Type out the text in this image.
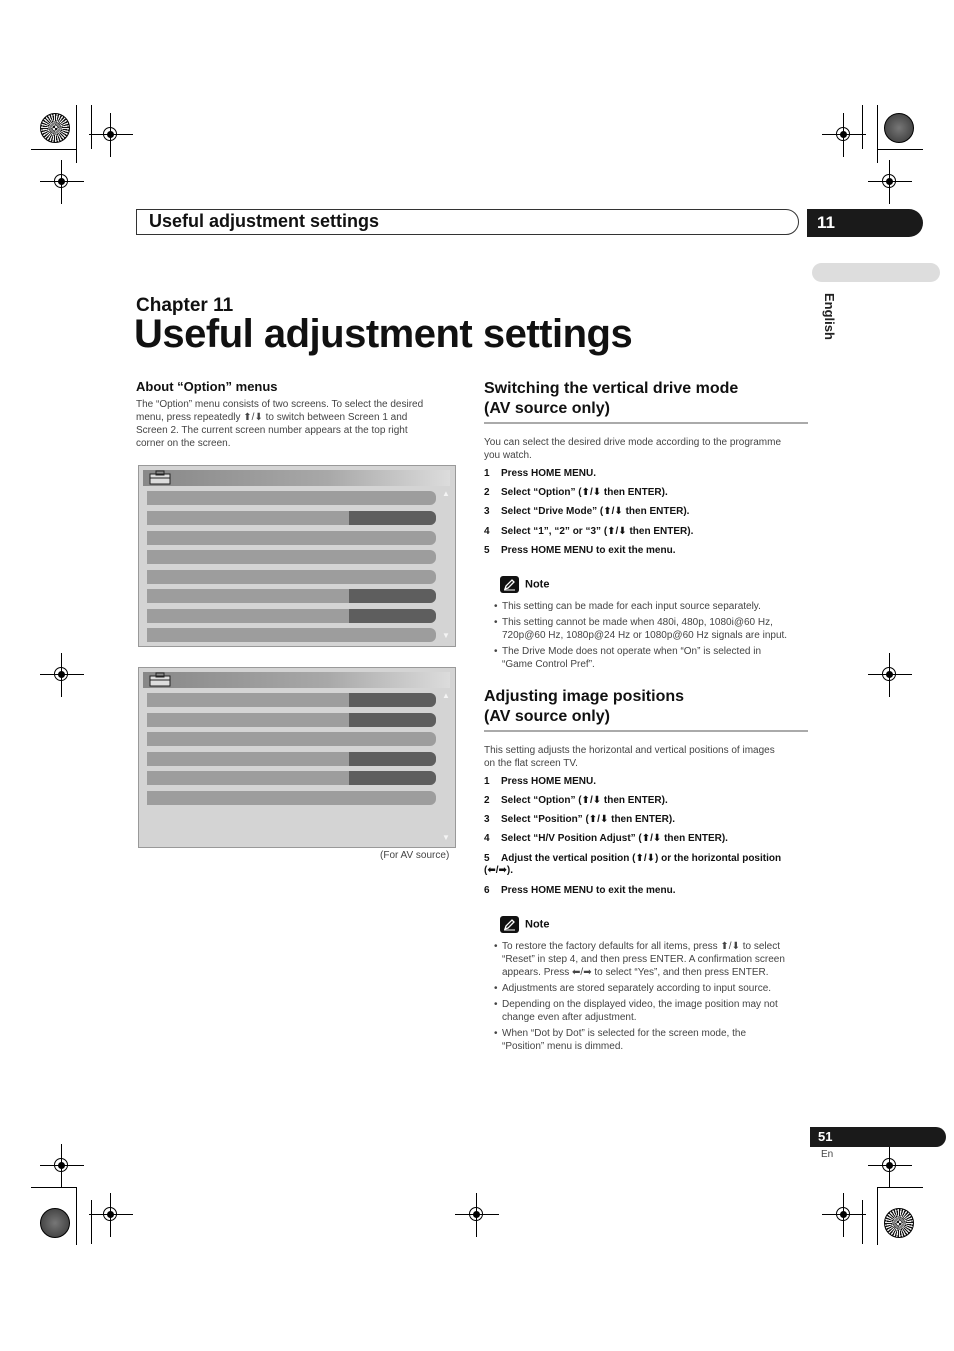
Useful adjustment settings	11
English
Chapter 11
Useful adjustment settings
About “Option” menus
The “Option” menu consists of two screens. To select the desired
menu, press repeatedly ⬆/⬇ to switch between Screen 1 and
Screen 2. The current screen number appears at the top right
corner on the screen.
▲
▼
▲
▼
(For AV source)
Switching the vertical drive mode
(AV source only)
You can select the desired drive mode according to the programme
you watch.
1 Press HOME MENU.
2 Select “Option” (⬆/⬇ then ENTER).
3 Select “Drive Mode” (⬆/⬇ then ENTER).
4 Select “1”, “2” or “3” (⬆/⬇ then ENTER).
5 Press HOME MENU to exit the menu.
Note
• This setting can be made for each input source separately.
• This setting cannot be made when 480i, 480p, 1080i@60 Hz,
720p@60 Hz, 1080p@24 Hz or 1080p@60 Hz signals are input.
• The Drive Mode does not operate when “On” is selected in
“Game Control Pref”.
Adjusting image positions
(AV source only)
This setting adjusts the horizontal and vertical positions of images
on the flat screen TV.
1 Press HOME MENU.
2 Select “Option” (⬆/⬇ then ENTER).
3 Select “Position” (⬆/⬇ then ENTER).
4 Select “H/V Position Adjust” (⬆/⬇ then ENTER).
5 Adjust the vertical position (⬆/⬇) or the horizontal position
(⬅/➡).
6 Press HOME MENU to exit the menu.
Note
• To restore the factory defaults for all items, press ⬆/⬇ to select
“Reset” in step 4, and then press ENTER. A confirmation screen
appears. Press ⬅/➡ to select “Yes”, and then press ENTER.
• Adjustments are stored separately according to input source.
• Depending on the displayed video, the image position may not
change even after adjustment.
• When “Dot by Dot” is selected for the screen mode, the
“Position” menu is dimmed.
51
En
